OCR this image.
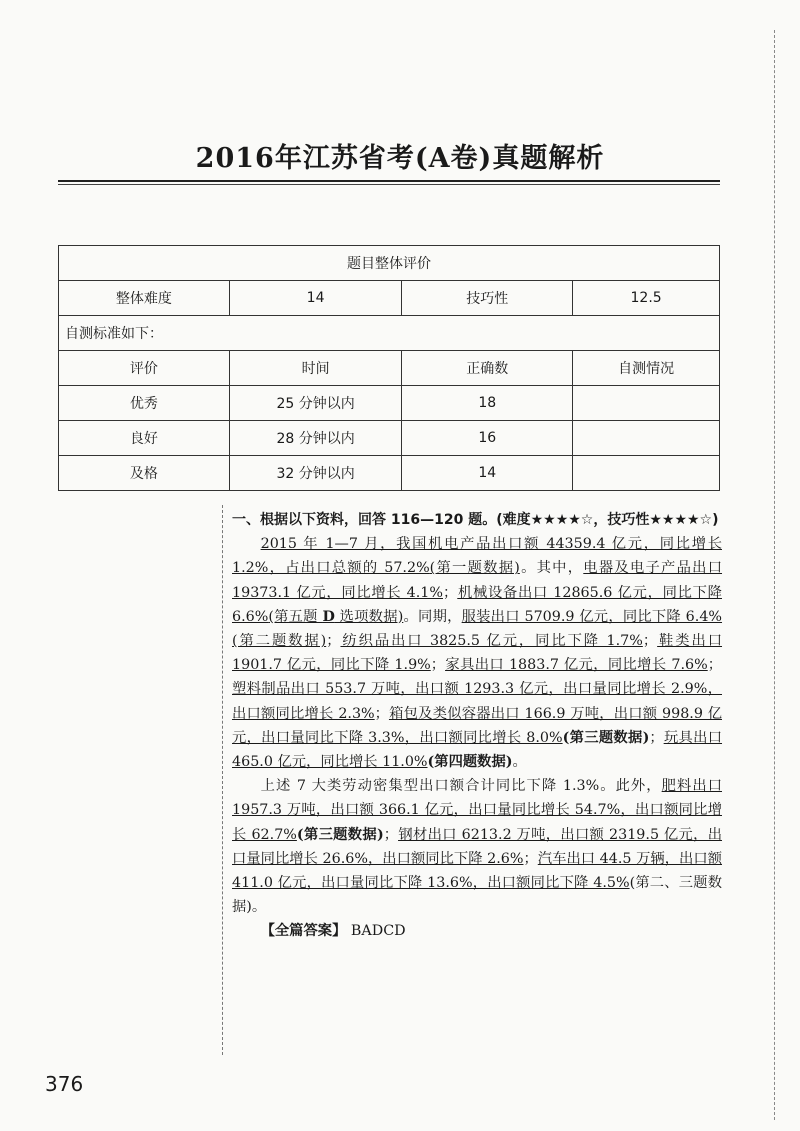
2016年江苏省考(A卷)真题解析
题目整体评价			
整体难度	14	技巧性	12.5
自测标准如下：			
评价	时间	正确数	自测情况
优秀	25 分钟以内	18	
良好	28 分钟以内	16	
及格	32 分钟以内	14	
一、根据以下资料，回答 116—120 题。(难度★★★★☆，技巧性★★★★☆)

2015 年 1—7 月，我国机电产品出口额 44359.4 亿元，同比增长 1.2%，占出口总额的 57.2%(第一题数据)。其中，电器及电子产品出口 19373.1 亿元，同比增长 4.1%；机械设备出口 12865.6 亿元，同比下降 6.6%(第五题 D 选项数据)。同期，服装出口 5709.9 亿元，同比下降 6.4%(第二题数据)；纺织品出口 3825.5 亿元，同比下降 1.7%；鞋类出口 1901.7 亿元，同比下降 1.9%；家具出口 1883.7 亿元，同比增长 7.6%；塑料制品出口 553.7 万吨，出口额 1293.3 亿元，出口量同比增长 2.9%，出口额同比增长 2.3%；箱包及类似容器出口 166.9 万吨，出口额 998.9 亿元，出口量同比下降 3.3%，出口额同比增长 8.0%(第三题数据)；玩具出口 465.0 亿元，同比增长 11.0%(第四题数据)。

上述 7 大类劳动密集型出口额合计同比下降 1.3%。此外，肥料出口 1957.3 万吨，出口额 366.1 亿元，出口量同比增长 54.7%，出口额同比增长 62.7%(第三题数据)；钢材出口 6213.2 万吨，出口额 2319.5 亿元，出口量同比增长 26.6%，出口额同比下降 2.6%；汽车出口 44.5 万辆，出口额 411.0 亿元，出口量同比下降 13.6%，出口额同比下降 4.5%(第二、三题数据)。

【全篇答案】 BADCD

376
